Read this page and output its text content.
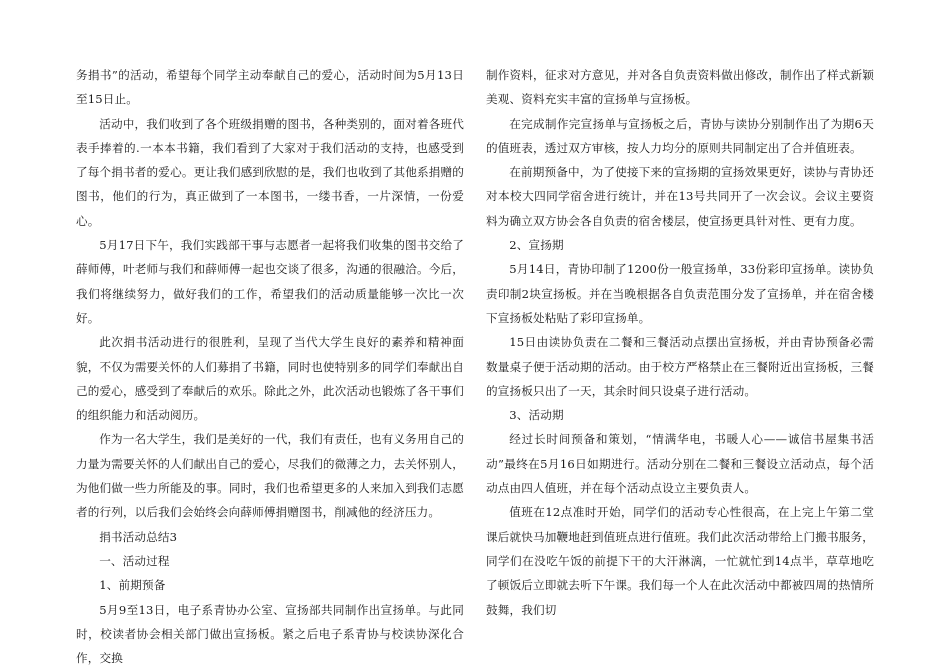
务捐书”的活动，希望每个同学主动奉献自己的爱心，活动时间为5月13日至15日止。

活动中，我们收到了各个班级捐赠的图书，各种类别的，面对着各班代表手捧着的.一本本书籍，我们看到了大家对于我们活动的支持，也感受到了每个捐书者的爱心。更让我们感到欣慰的是，我们也收到了其他系捐赠的图书，他们的行为，真正做到了一本图书，一缕书香，一片深情，一份爱心。

5月17日下午，我们实践部干事与志愿者一起将我们收集的图书交给了薛师傅，叶老师与我们和薛师傅一起也交谈了很多，沟通的很融洽。今后，我们将继续努力，做好我们的工作，希望我们的活动质量能够一次比一次好。

此次捐书活动进行的很胜利，呈现了当代大学生良好的素养和精神面貌，不仅为需要关怀的人们募捐了书籍，同时也使特别多的同学们奉献出自己的爱心，感受到了奉献后的欢乐。除此之外，此次活动也锻炼了各干事们的组织能力和活动阅历。

作为一名大学生，我们是美好的一代，我们有责任，也有义务用自己的力量为需要关怀的人们献出自己的爱心，尽我们的微薄之力，去关怀别人，为他们做一些力所能及的事。同时，我们也希望更多的人来加入到我们志愿者的行列，以后我们会始终会向薛师傅捐赠图书，削减他的经济压力。

捐书活动总结3

一、活动过程

1、前期预备

5月9至13日，电子系青协办公室、宣扬部共同制作出宣扬单。与此同时，校读者协会相关部门做出宣扬板。紧之后电子系青协与校读协深化合作，交换

制作资料，征求对方意见，并对各自负责资料做出修改，制作出了样式新颖美观、资料充实丰富的宣扬单与宣扬板。

在完成制作完宣扬单与宣扬板之后，青协与读协分别制作出了为期6天的值班表，透过双方审核，按人力均分的原则共同制定出了合并值班表。

在前期预备中，为了使接下来的宣扬期的宣扬效果更好，读协与青协还对本校大四同学宿舍进行统计，并在13号共同开了一次会议。会议主要资料为确立双方协会各自负责的宿舍楼层，使宣扬更具针对性、更有力度。

2、宣扬期

5月14日，青协印制了1200份一般宣扬单，33份彩印宣扬单。读协负责印制2块宣扬板。并在当晚根据各自负责范围分发了宣扬单，并在宿舍楼下宣扬板处粘贴了彩印宣扬单。

15日由读协负责在二餐和三餐活动点摆出宣扬板，并由青协预备必需数量桌子便于活动期的活动。由于校方严格禁止在三餐附近出宣扬板，三餐的宣扬板只出了一天，其余时间只设桌子进行活动。

3、活动期

经过长时间预备和策划，“情满华电，书暖人心——诚信书屋集书活动”最终在5月16日如期进行。活动分别在二餐和三餐设立活动点，每个活动点由四人值班，并在每个活动点设立主要负责人。

值班在12点准时开始，同学们的活动专心性很高，在上完上午第二堂课后就快马加鞭地赶到值班点进行值班。我们此次活动带给上门搬书服务，同学们在没吃午饭的前提下干的大汗淋漓，一忙就忙到14点半，草草地吃了顿饭后立即就去听下午课。我们每一个人在此次活动中都被四周的热情所鼓舞，我们切
